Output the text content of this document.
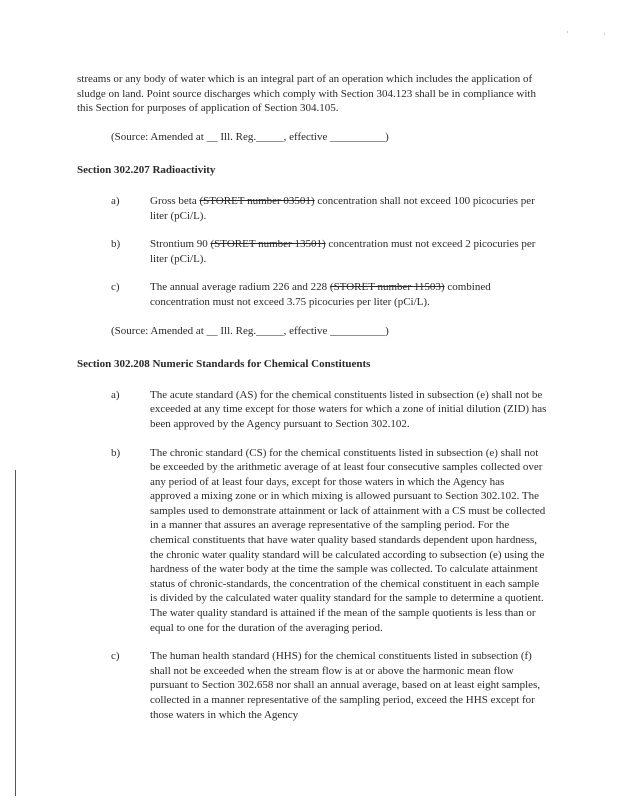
·	·

streams or any body of water which is an integral part of an operation which includes the application of sludge on land. Point source discharges which comply with Section 304.123 shall be in compliance with this Section for purposes of application of Section 304.105.

(Source: Amended at __ Ill. Reg._____, effective __________)

Section 302.207 Radioactivity

a)	Gross beta (STORET number 03501) concentration shall not exceed 100 picocuries per liter (pCi/L).

b)	Strontium 90 (STORET number 13501) concentration must not exceed 2 picocuries per liter (pCi/L).

c)	The annual average radium 226 and 228 (STORET number 11503) combined concentration must not exceed 3.75 picocuries per liter (pCi/L).

(Source: Amended at __ Ill. Reg._____, effective __________)

Section 302.208 Numeric Standards for Chemical Constituents

a)	The acute standard (AS) for the chemical constituents listed in subsection (e) shall not be exceeded at any time except for those waters for which a zone of initial dilution (ZID) has been approved by the Agency pursuant to Section 302.102.

b)	The chronic standard (CS) for the chemical constituents listed in subsection (e) shall not be exceeded by the arithmetic average of at least four consecutive samples collected over any period of at least four days, except for those waters in which the Agency has approved a mixing zone or in which mixing is allowed pursuant to Section 302.102. The samples used to demonstrate attainment or lack of attainment with a CS must be collected in a manner that assures an average representative of the sampling period. For the chemical constituents that have water quality based standards dependent upon hardness, the chronic water quality standard will be calculated according to subsection (e) using the hardness of the water body at the time the sample was collected. To calculate attainment status of chronic-standards, the concentration of the chemical constituent in each sample is divided by the calculated water quality standard for the sample to determine a quotient. The water quality standard is attained if the mean of the sample quotients is less than or equal to one for the duration of the averaging period.

c)	The human health standard (HHS) for the chemical constituents listed in subsection (f) shall not be exceeded when the stream flow is at or above the harmonic mean flow pursuant to Section 302.658 nor shall an annual average, based on at least eight samples, collected in a manner representative of the sampling period, exceed the HHS except for those waters in which the Agency
